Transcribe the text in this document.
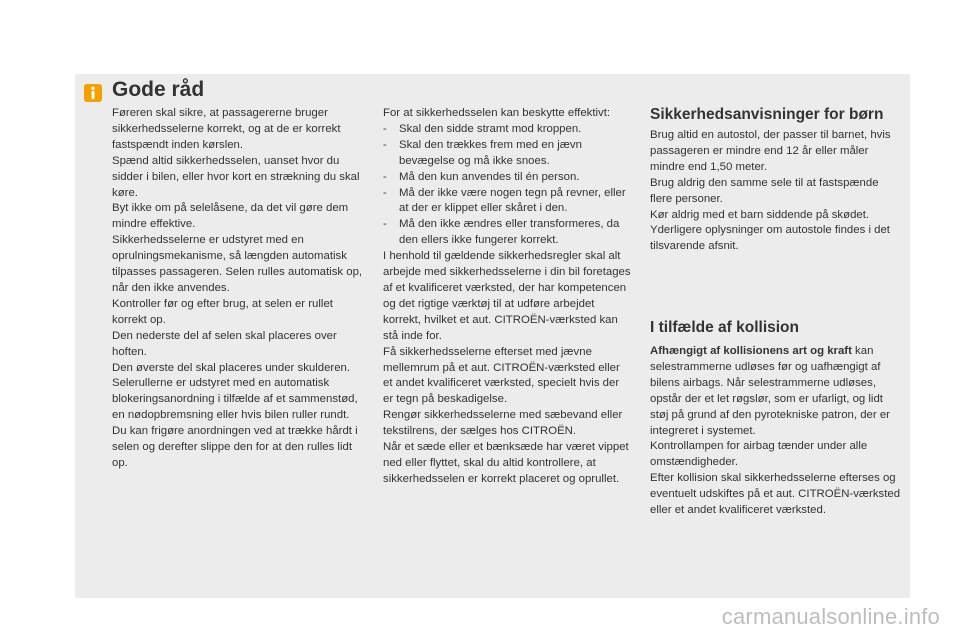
Gode råd

Føreren skal sikre, at passagererne bruger sikkerhedsselerne korrekt, og at de er korrekt fastspændt inden kørslen.

Spænd altid sikkerhedsselen, uanset hvor du sidder i bilen, eller hvor kort en strækning du skal køre.

Byt ikke om på selelåsene, da det vil gøre dem mindre effektive.

Sikkerhedsselerne er udstyret med en oprulningsmekanisme, så længden automatisk tilpasses passageren. Selen rulles automatisk op, når den ikke anvendes.

Kontroller før og efter brug, at selen er rullet korrekt op.

Den nederste del af selen skal placeres over hoften.

Den øverste del skal placeres under skulderen.

Selerullerne er udstyret med en automatisk blokeringsanordning i tilfælde af et sammenstød, en nødopbremsning eller hvis bilen ruller rundt. Du kan frigøre anordningen ved at trække hårdt i selen og derefter slippe den for at den rulles lidt op.

For at sikkerhedsselen kan beskytte effektivt:

- Skal den sidde stramt mod kroppen.
- Skal den trækkes frem med en jævn bevægelse og må ikke snoes.
- Må den kun anvendes til én person.
- Må der ikke være nogen tegn på revner, eller at der er klippet eller skåret i den.
- Må den ikke ændres eller transformeres, da den ellers ikke fungerer korrekt.

I henhold til gældende sikkerhedsregler skal alt arbejde med sikkerhedsselerne i din bil foretages af et kvalificeret værksted, der har kompetencen og det rigtige værktøj til at udføre arbejdet korrekt, hvilket et aut. CITROËN-værksted kan stå inde for.

Få sikkerhedsselerne efterset med jævne mellemrum på et aut. CITROËN-værksted eller et andet kvalificeret værksted, specielt hvis der er tegn på beskadigelse.

Rengør sikkerhedsselerne med sæbevand eller tekstilrens, der sælges hos CITROËN.

Når et sæde eller et bænksæde har været vippet ned eller flyttet, skal du altid kontrollere, at sikkerhedsselen er korrekt placeret og oprullet.

Sikkerhedsanvisninger for børn

Brug altid en autostol, der passer til barnet, hvis passageren er mindre end 12 år eller måler mindre end 1,50 meter.

Brug aldrig den samme sele til at fastspænde flere personer.

Kør aldrig med et barn siddende på skødet.

Yderligere oplysninger om autostole findes i det tilsvarende afsnit.

I tilfælde af kollision

Afhængigt af kollisionens art og kraft kan selestrammerne udløses før og uafhængigt af bilens airbags. Når selestrammerne udløses, opstår der et let røgslør, som er ufarligt, og lidt støj på grund af den pyrotekniske patron, der er integreret i systemet.

Kontrollampen for airbag tænder under alle omstændigheder.

Efter kollision skal sikkerhedsselerne efterses og eventuelt udskiftes på et aut. CITROËN-værksted eller et andet kvalificeret værksted.

carmanualsonline.info
